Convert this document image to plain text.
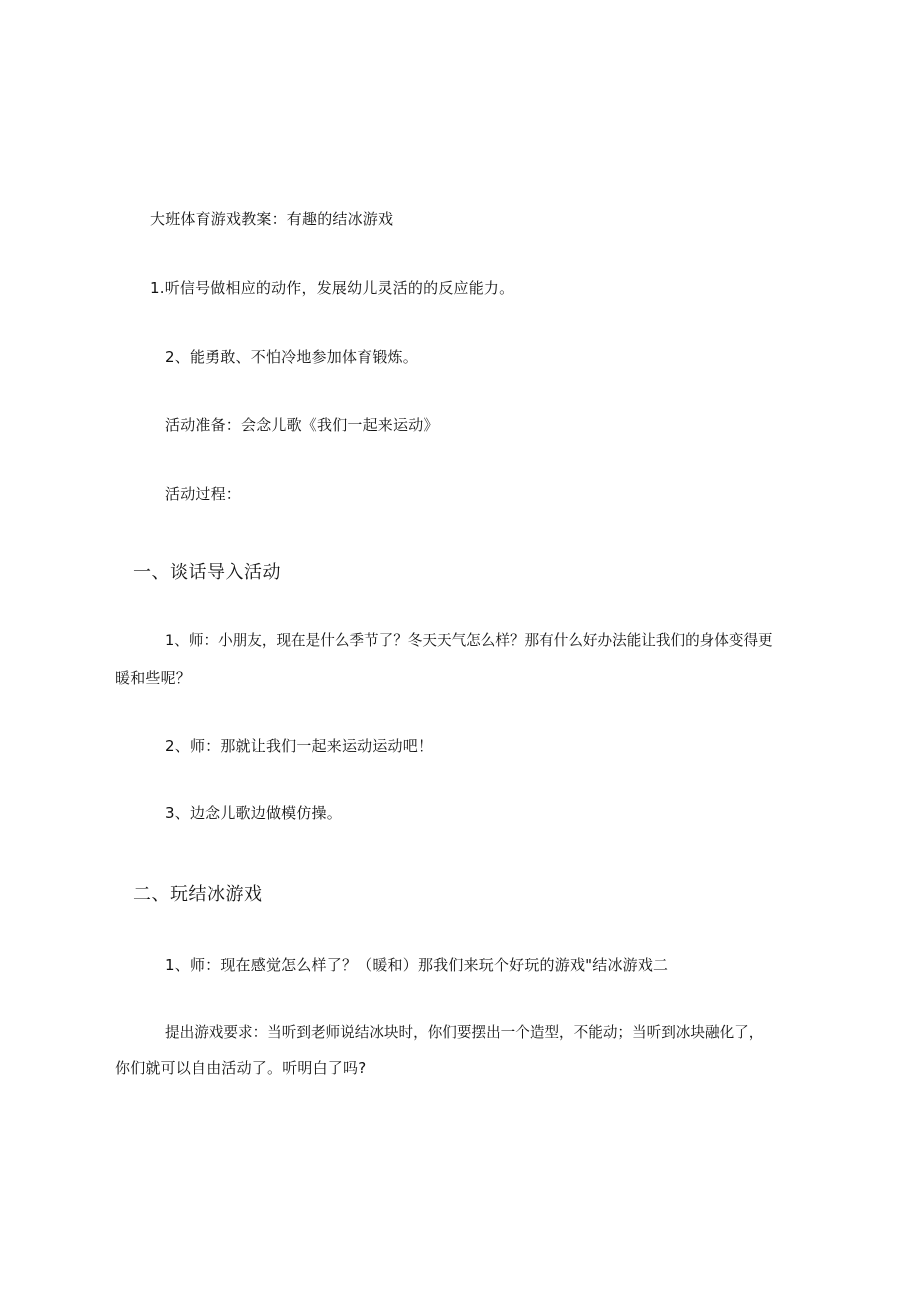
大班体育游戏教案：有趣的结冰游戏
1.听信号做相应的动作，发展幼儿灵活的的反应能力。
2、能勇敢、不怕冷地参加体育锻炼。
活动准备：会念儿歌《我们一起来运动》
活动过程：
一、谈话导入活动
1、师：小朋友，现在是什么季节了？冬天天气怎么样？那有什么好办法能让我们的身体变得更
暖和些呢？
2、师：那就让我们一起来运动运动吧！
3、边念儿歌边做模仿操。
二、玩结冰游戏
1、师：现在感觉怎么样了？（暖和）那我们来玩个好玩的游戏"结冰游戏二
提出游戏要求：当听到老师说结冰块时，你们要摆出一个造型，不能动；当听到冰块融化了，
你们就可以自由活动了。听明白了吗?
